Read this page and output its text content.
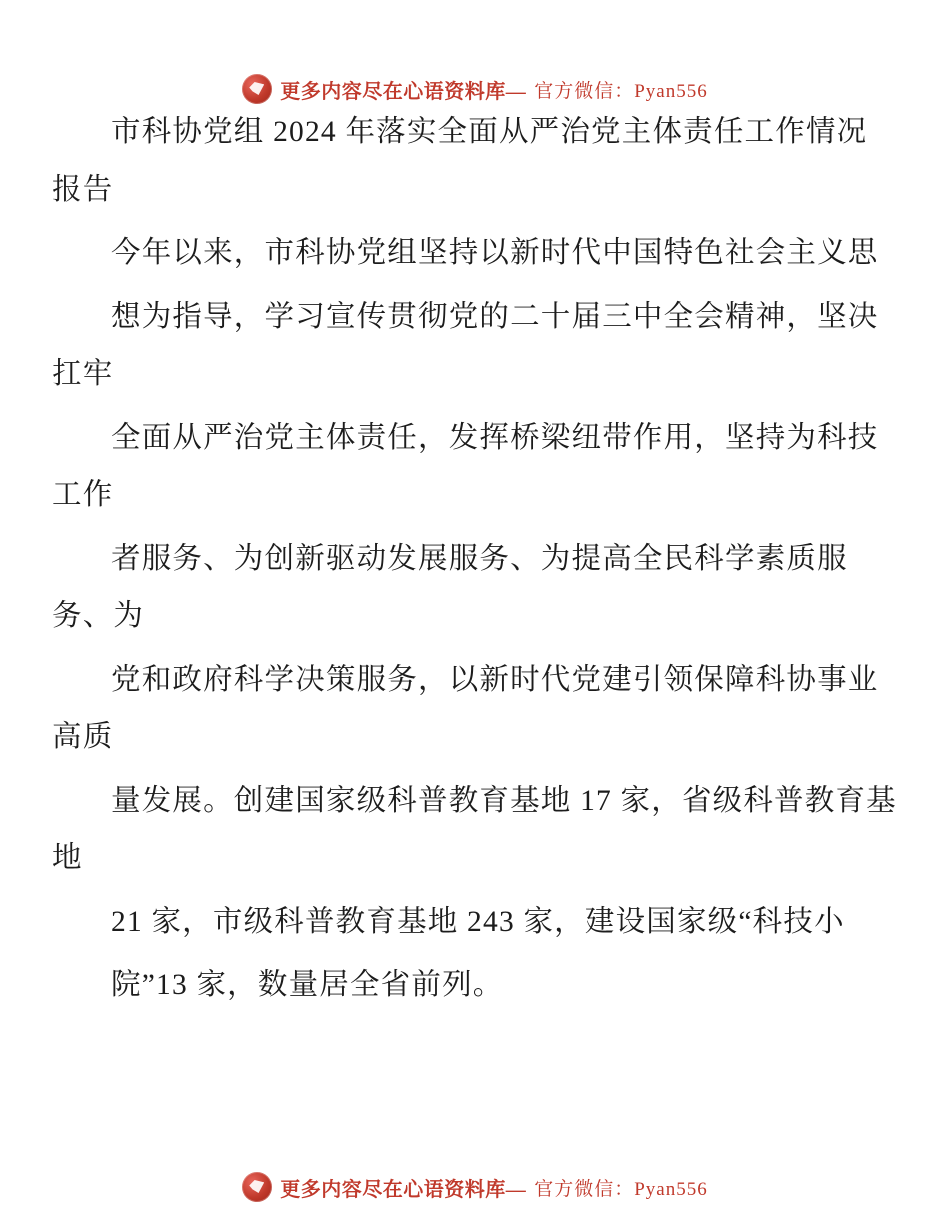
更多内容尽在心语资料库— 官方微信：Pyan556

市科协党组 2024 年落实全面从严治党主体责任工作情况报告

今年以来，市科协党组坚持以新时代中国特色社会主义思

想为指导，学习宣传贯彻党的二十届三中全会精神，坚决扛牢

全面从严治党主体责任，发挥桥梁纽带作用，坚持为科技工作

者服务、为创新驱动发展服务、为提高全民科学素质服务、为

党和政府科学决策服务，以新时代党建引领保障科协事业高质

量发展。创建国家级科普教育基地 17 家，省级科普教育基地

21 家，市级科普教育基地 243 家，建设国家级“科技小

院”13 家，数量居全省前列。

更多内容尽在心语资料库— 官方微信：Pyan556
